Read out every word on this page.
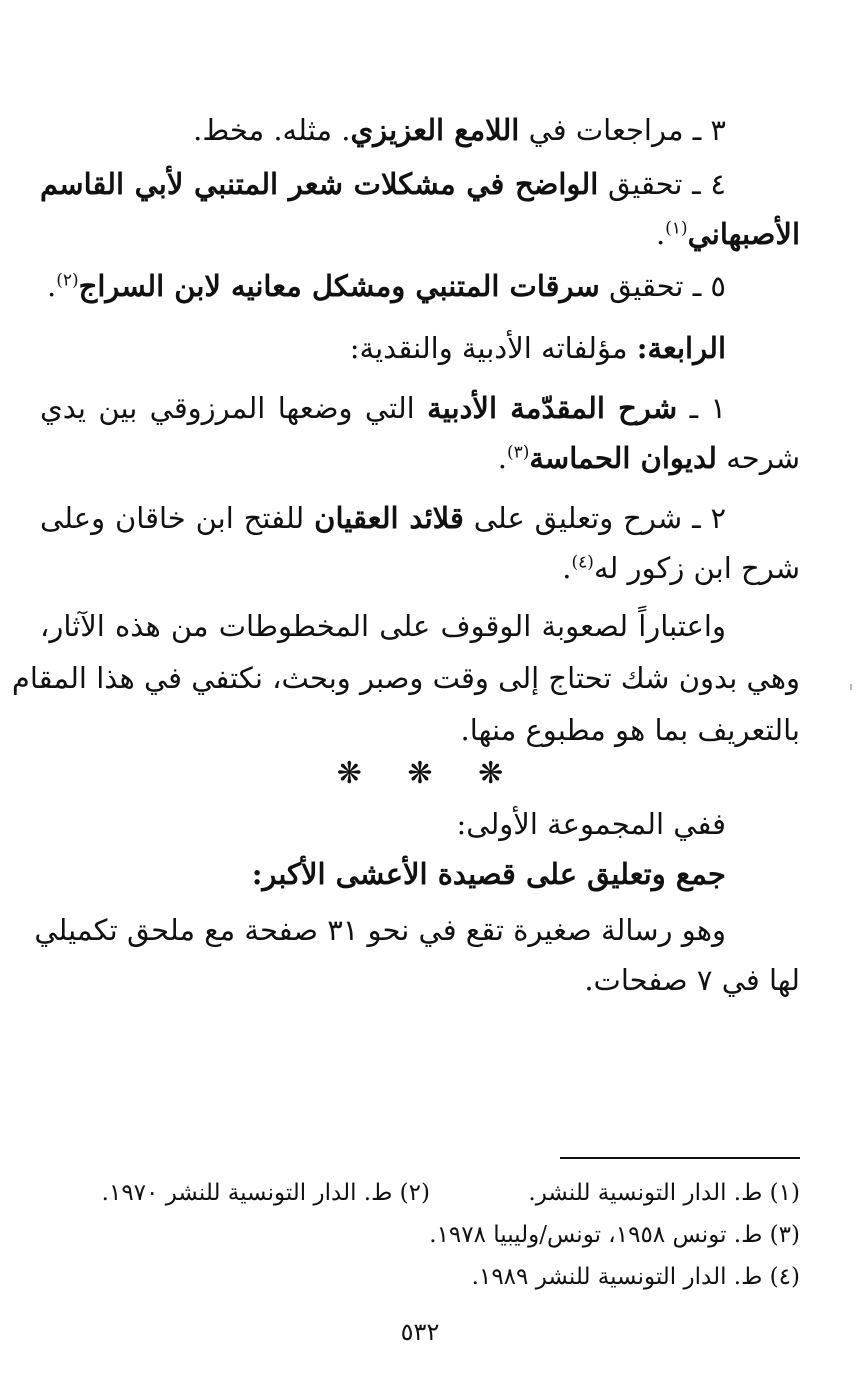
٣ ـ مراجعات في اللامع العزيزي. مثله. مخط.
٤ ـ تحقيق الواضح في مشكلات شعر المتنبي لأبي القاسم
الأصبهاني$^{(١)}$.
٥ ـ تحقيق سرقات المتنبي ومشكل معانيه لابن السراج$^{(٢)}$.
الرابعة: مؤلفاته الأدبية والنقدية:
١ ـ شرح المقدّمة الأدبية التي وضعها المرزوقي بين يدي
شرحه لديوان الحماسة$^{(٣)}$.
٢ ـ شرح وتعليق على قلائد العقيان للفتح ابن خاقان وعلى
شرح ابن زكور له$^{(٤)}$.
واعتباراً لصعوبة الوقوف على المخطوطات من هذه الآثار،
وهي بدون شك تحتاج إلى وقت وصبر وبحث، نكتفي في هذا المقام
بالتعريف بما هو مطبوع منها.
❋ ❋ ❋
ففي المجموعة الأولى:
جمع وتعليق على قصيدة الأعشى الأكبر:
وهو رسالة صغيرة تقع في نحو ٣١ صفحة مع ملحق تكميلي
لها في ٧ صفحات.
(١) ط. الدار التونسية للنشر.
(٢) ط. الدار التونسية للنشر ١٩٧٠.
(٣) ط. تونس ١٩٥٨، تونس/وليبيا ١٩٧٨.
(٤) ط. الدار التونسية للنشر ١٩٨٩.
٥٣٢
